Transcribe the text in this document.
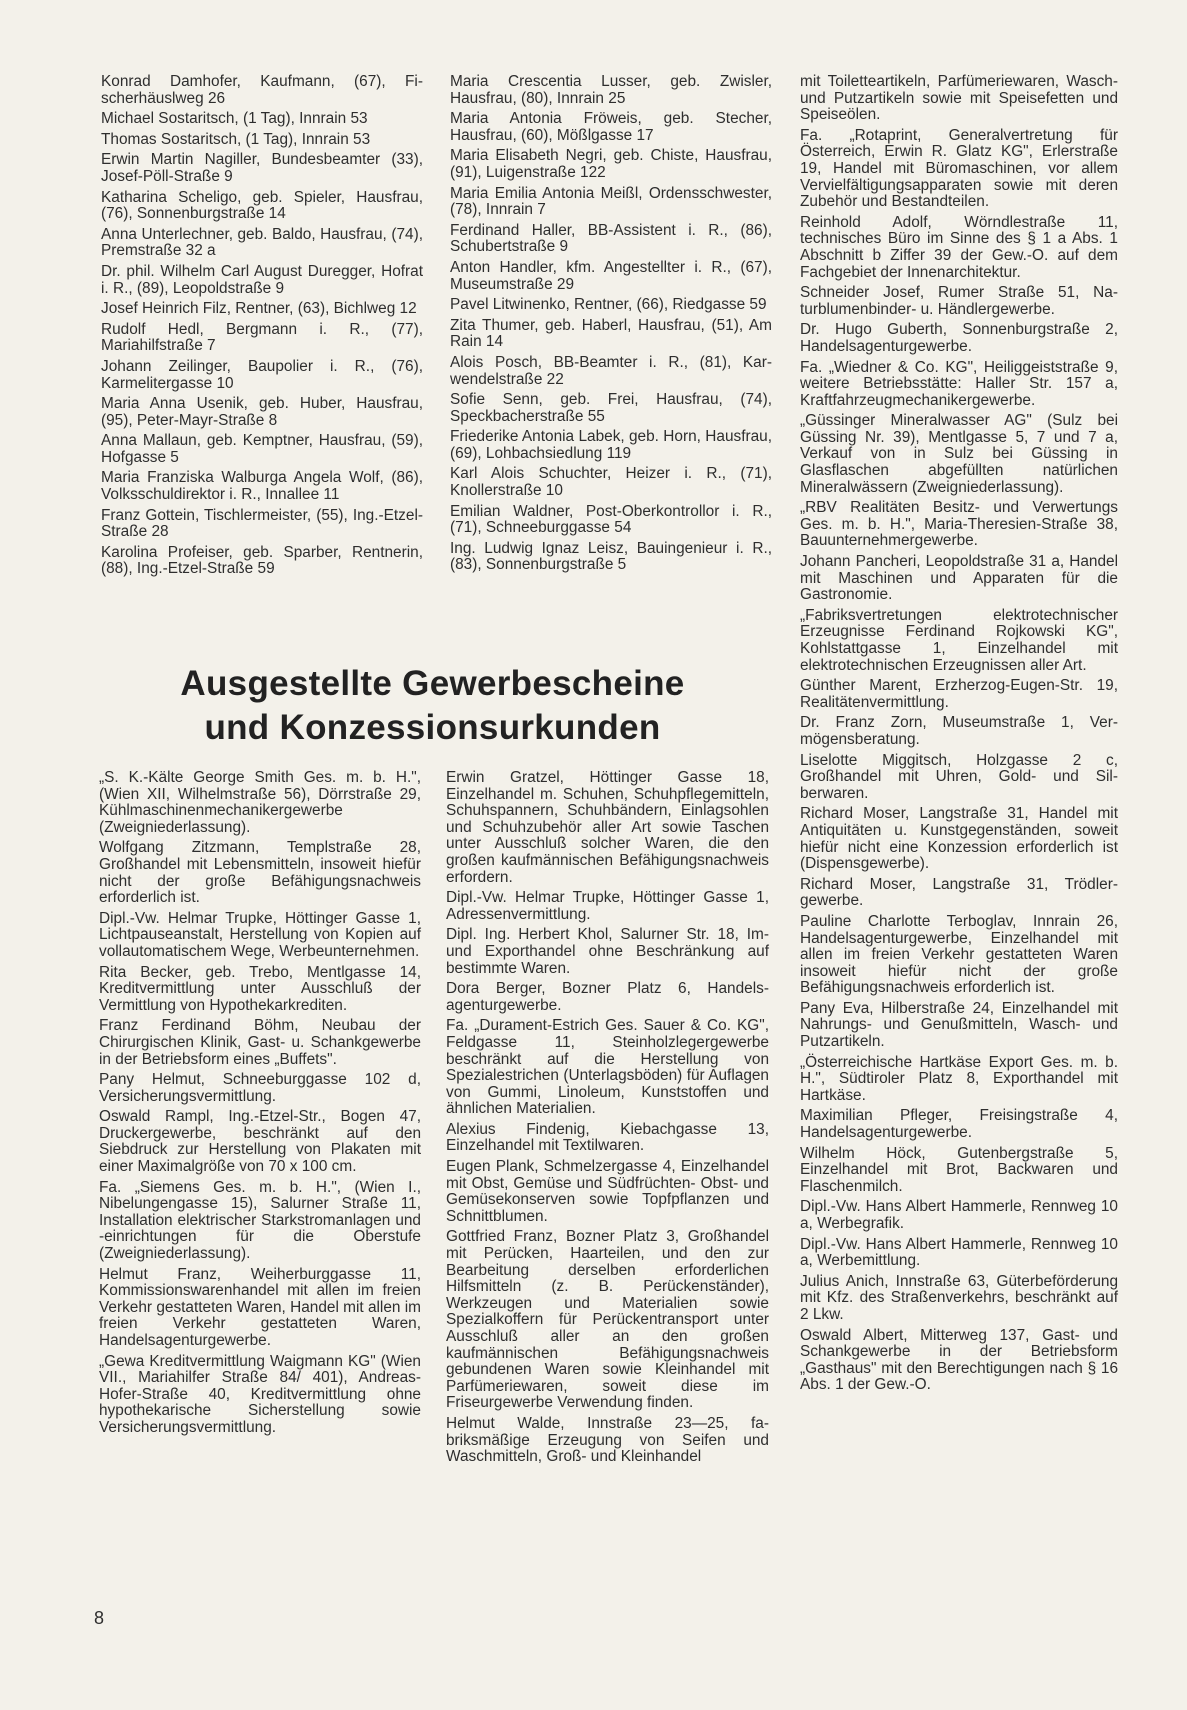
Konrad Damhofer, Kaufmann, (67), Fischerhäuslweg 26

Michael Sostaritsch, (1 Tag), Innrain 53

Thomas Sostaritsch, (1 Tag), Innrain 53

Erwin Martin Nagiller, Bundesbeamter (33), Josef-Pöll-Straße 9

Katharina Scheligo, geb. Spieler, Hausfrau, (76), Sonnenburgstraße 14

Anna Unterlechner, geb. Baldo, Hausfrau, (74), Premstraße 32 a

Dr. phil. Wilhelm Carl August Duregger, Hofrat i. R., (89), Leopoldstraße 9

Josef Heinrich Filz, Rentner, (63), Bichlweg 12

Rudolf Hedl, Bergmann i. R., (77), Mariahilfstraße 7

Johann Zeilinger, Baupolier i. R., (76), Karmelitergasse 10

Maria Anna Usenik, geb. Huber, Hausfrau, (95), Peter-Mayr-Straße 8

Anna Mallaun, geb. Kemptner, Hausfrau, (59), Hofgasse 5

Maria Franziska Walburga Angela Wolf, (86), Volksschuldirektor i. R., Innallee 11

Franz Gottein, Tischlermeister, (55), Ing.-Etzel-Straße 28

Karolina Profeiser, geb. Sparber, Rentnerin, (88), Ing.-Etzel-Straße 59

Maria Crescentia Lusser, geb. Zwisler, Hausfrau, (80), Innrain 25

Maria Antonia Fröweis, geb. Stecher, Hausfrau, (60), Mößlgasse 17

Maria Elisabeth Negri, geb. Chiste, Hausfrau, (91), Luigenstraße 122

Maria Emilia Antonia Meißl, Ordensschwester, (78), Innrain 7

Ferdinand Haller, BB-Assistent i. R., (86), Schubertstraße 9

Anton Handler, kfm. Angestellter i. R., (67), Museumstraße 29

Pavel Litwinenko, Rentner, (66), Riedgasse 59

Zita Thumer, geb. Haberl, Hausfrau, (51), Am Rain 14

Alois Posch, BB-Beamter i. R., (81), Karwendelstraße 22

Sofie Senn, geb. Frei, Hausfrau, (74), Speckbacherstraße 55

Friederike Antonia Labek, geb. Horn, Hausfrau, (69), Lohbachsiedlung 119

Karl Alois Schuchter, Heizer i. R., (71), Knollerstraße 10

Emilian Waldner, Post-Oberkontrollor i. R., (71), Schneeburggasse 54

Ing. Ludwig Ignaz Leisz, Bauingenieur i. R., (83), Sonnenburgstraße 5

Ausgestellte Gewerbescheine
und Konzessionsurkunden

„S. K.-Kälte George Smith Ges. m. b. H.", (Wien XII, Wilhelmstraße 56), Dörrstraße 29, Kühlmaschinenmechanikergewerbe (Zweigniederlassung).

Wolfgang Zitzmann, Templstraße 28, Großhandel mit Lebensmitteln, insoweit hiefür nicht der große Befähigungsnachweis erforderlich ist.

Dipl.-Vw. Helmar Trupke, Höttinger Gasse 1, Lichtpauseanstalt, Herstellung von Kopien auf vollautomatischem Wege, Werbeunternehmen.

Rita Becker, geb. Trebo, Mentlgasse 14, Kreditvermittlung unter Ausschluß der Vermittlung von Hypothekarkrediten.

Franz Ferdinand Böhm, Neubau der Chirurgischen Klinik, Gast- u. Schankgewerbe in der Betriebsform eines „Buffets".

Pany Helmut, Schneeburggasse 102 d, Versicherungsvermittlung.

Oswald Rampl, Ing.-Etzel-Str., Bogen 47, Druckergewerbe, beschränkt auf den Siebdruck zur Herstellung von Plakaten mit einer Maximalgröße von 70 x 100 cm.

Fa. „Siemens Ges. m. b. H.", (Wien I., Nibelungengasse 15), Salurner Straße 11, Installation elektrischer Starkstromanlagen und -einrichtungen für die Oberstufe (Zweigniederlassung).

Helmut Franz, Weiherburggasse 11, Kommissionswarenhandel mit allen im freien Verkehr gestatteten Waren, Handel mit allen im freien Verkehr gestatteten Waren, Handelsagenturgewerbe.

„Gewa Kreditvermittlung Waigmann KG" (Wien VII., Mariahilfer Straße 84/ 401), Andreas-Hofer-Straße 40, Kreditvermittlung ohne hypothekarische Sicherstellung sowie Versicherungsvermittlung.

Erwin Gratzel, Höttinger Gasse 18, Einzelhandel m. Schuhen, Schuhpflegemitteln, Schuhspannern, Schuhbändern, Einlagsohlen und Schuhzubehör aller Art sowie Taschen unter Ausschluß solcher Waren, die den großen kaufmännischen Befähigungsnachweis erfordern.

Dipl.-Vw. Helmar Trupke, Höttinger Gasse 1, Adressenvermittlung.

Dipl. Ing. Herbert Khol, Salurner Str. 18, Im- und Exporthandel ohne Beschränkung auf bestimmte Waren.

Dora Berger, Bozner Platz 6, Handelsagenturgewerbe.

Fa. „Durament-Estrich Ges. Sauer & Co. KG", Feldgasse 11, Steinholzlegergewerbe beschränkt auf die Herstellung von Spezialestrichen (Unterlagsböden) für Auflagen von Gummi, Linoleum, Kunststoffen und ähnlichen Materialien.

Alexius Findenig, Kiebachgasse 13, Einzelhandel mit Textilwaren.

Eugen Plank, Schmelzergasse 4, Einzelhandel mit Obst, Gemüse und Südfrüchten- Obst- und Gemüsekonserven sowie Topfpflanzen und Schnittblumen.

Gottfried Franz, Bozner Platz 3, Großhandel mit Perücken, Haarteilen, und den zur Bearbeitung derselben erforderlichen Hilfsmitteln (z. B. Perückenständer), Werkzeugen und Materialien sowie Spezialkoffern für Perückentransport unter Ausschluß aller an den großen kaufmännischen Befähigungsnachweis gebundenen Waren sowie Kleinhandel mit Parfümeriewaren, soweit diese im Friseurgewerbe Verwendung finden.

Helmut Walde, Innstraße 23—25, fabriksmäßige Erzeugung von Seifen und Waschmitteln, Groß- und Kleinhandel

mit Toiletteartikeln, Parfümeriewaren, Wasch- und Putzartikeln sowie mit Speisefetten und Speiseölen.

Fa. „Rotaprint, Generalvertretung für Österreich, Erwin R. Glatz KG", Erlerstraße 19, Handel mit Büromaschinen, vor allem Vervielfältigungsapparaten sowie mit deren Zubehör und Bestandteilen.

Reinhold Adolf, Wörndlestraße 11, technisches Büro im Sinne des § 1 a Abs. 1 Abschnitt b Ziffer 39 der Gew.-O. auf dem Fachgebiet der Innenarchitektur.

Schneider Josef, Rumer Straße 51, Naturblumenbinder- u. Händlergewerbe.

Dr. Hugo Guberth, Sonnenburgstraße 2, Handelsagenturgewerbe.

Fa. „Wiedner & Co. KG", Heiliggeiststraße 9, weitere Betriebsstätte: Haller Str. 157 a, Kraftfahrzeugmechanikergewerbe.

„Güssinger Mineralwasser AG" (Sulz bei Güssing Nr. 39), Mentlgasse 5, 7 und 7 a, Verkauf von in Sulz bei Güssing in Glasflaschen abgefüllten natürlichen Mineralwässern (Zweigniederlassung).

„RBV Realitäten Besitz- und Verwertungs Ges. m. b. H.", Maria-Theresien-Straße 38, Bauunternehmergewerbe.

Johann Pancheri, Leopoldstraße 31 a, Handel mit Maschinen und Apparaten für die Gastronomie.

„Fabriksvertretungen elektrotechnischer Erzeugnisse Ferdinand Rojkowski KG", Kohlstattgasse 1, Einzelhandel mit elektrotechnischen Erzeugnissen aller Art.

Günther Marent, Erzherzog-Eugen-Str. 19, Realitätenvermittlung.

Dr. Franz Zorn, Museumstraße 1, Vermögensberatung.

Liselotte Miggitsch, Holzgasse 2 c, Großhandel mit Uhren, Gold- und Silberwaren.

Richard Moser, Langstraße 31, Handel mit Antiquitäten u. Kunstgegenständen, soweit hiefür nicht eine Konzession erforderlich ist (Dispensgewerbe).

Richard Moser, Langstraße 31, Trödlergewerbe.

Pauline Charlotte Terboglav, Innrain 26, Handelsagenturgewerbe, Einzelhandel mit allen im freien Verkehr gestatteten Waren insoweit hiefür nicht der große Befähigungsnachweis erforderlich ist.

Pany Eva, Hilberstraße 24, Einzelhandel mit Nahrungs- und Genußmitteln, Wasch- und Putzartikeln.

„Österreichische Hartkäse Export Ges. m. b. H.", Südtiroler Platz 8, Exporthandel mit Hartkäse.

Maximilian Pfleger, Freisingstraße 4, Handelsagenturgewerbe.

Wilhelm Höck, Gutenbergstraße 5, Einzelhandel mit Brot, Backwaren und Flaschenmilch.

Dipl.-Vw. Hans Albert Hammerle, Rennweg 10 a, Werbegrafik.

Dipl.-Vw. Hans Albert Hammerle, Rennweg 10 a, Werbemittlung.

Julius Anich, Innstraße 63, Güterbeförderung mit Kfz. des Straßenverkehrs, beschränkt auf 2 Lkw.

Oswald Albert, Mitterweg 137, Gast- und Schankgewerbe in der Betriebsform „Gasthaus" mit den Berechtigungen nach § 16 Abs. 1 der Gew.-O.

8
